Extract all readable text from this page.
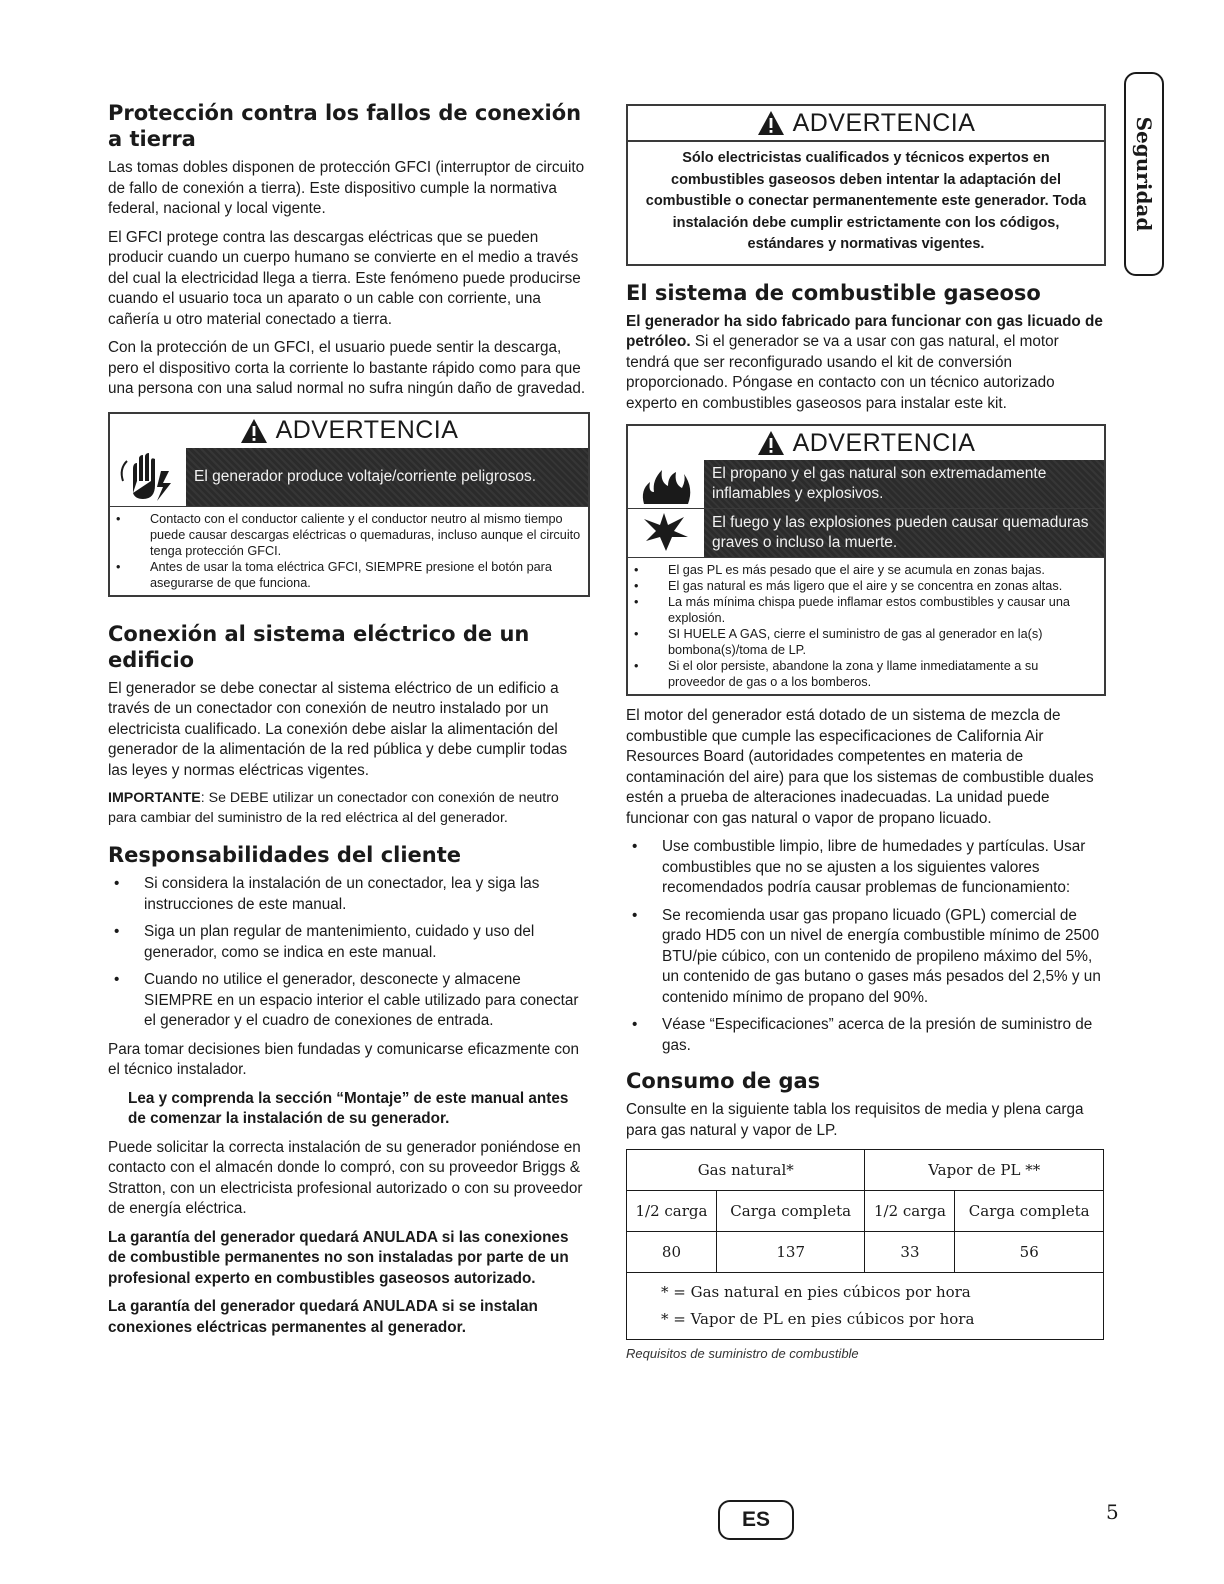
Seguridad
Protección contra los fallos de conexión a tierra

Las tomas dobles disponen de protección GFCI (interruptor de circuito de fallo de conexión a tierra). Este dispositivo cumple la normativa federal, nacional y local vigente.

El GFCI protege contra las descargas eléctricas que se pueden producir cuando un cuerpo humano se convierte en el medio a través del cual la electricidad llega a tierra. Este fenómeno puede producirse cuando el usuario toca un aparato o un cable con corriente, una cañería u otro material conectado a tierra.

Con la protección de un GFCI, el usuario puede sentir la descarga, pero el dispositivo corta la corriente lo bastante rápido como para que una persona con una salud normal no sufra ningún daño de gravedad.

ADVERTENCIA
El generador produce voltaje/corriente peligrosos.
• Contacto con el conductor caliente y el conductor neutro al mismo tiempo puede causar descargas eléctricas o quemaduras, incluso aunque el circuito tenga protección GFCI.
• Antes de usar la toma eléctrica GFCI, SIEMPRE presione el botón para asegurarse de que funciona.
Conexión al sistema eléctrico de un edificio

El generador se debe conectar al sistema eléctrico de un edificio a través de un conectador con conexión de neutro instalado por un electricista cualificado. La conexión debe aislar la alimentación del generador de la alimentación de la red pública y debe cumplir todas las leyes y normas eléctricas vigentes.

IMPORTANTE: Se DEBE utilizar un conectador con conexión de neutro para cambiar del suministro de la red eléctrica al del generador.

Responsabilidades del cliente
• Si considera la instalación de un conectador, lea y siga las instrucciones de este manual.
• Siga un plan regular de mantenimiento, cuidado y uso del generador, como se indica en este manual.
• Cuando no utilice el generador, desconecte y almacene SIEMPRE en un espacio interior el cable utilizado para conectar el generador y el cuadro de conexiones de entrada.

Para tomar decisiones bien fundadas y comunicarse eficazmente con el técnico instalador.

Lea y comprenda la sección “Montaje” de este manual antes de comenzar la instalación de su generador.

Puede solicitar la correcta instalación de su generador poniéndose en contacto con el almacén donde lo compró, con su proveedor Briggs & Stratton, con un electricista profesional autorizado o con su proveedor de energía eléctrica.

La garantía del generador quedará ANULADA si las conexiones de combustible permanentes no son instaladas por parte de un profesional experto en combustibles gaseosos autorizado.

La garantía del generador quedará ANULADA si se instalan conexiones eléctricas permanentes al generador.

ADVERTENCIA
Sólo electricistas cualificados y técnicos expertos en combustibles gaseosos deben intentar la adaptación del combustible o conectar permanentemente este generador. Toda instalación debe cumplir estrictamente con los códigos, estándares y normativas vigentes.
El sistema de combustible gaseoso

El generador ha sido fabricado para funcionar con gas licuado de petróleo. Si el generador se va a usar con gas natural, el motor tendrá que ser reconfigurado usando el kit de conversión proporcionado. Póngase en contacto con un técnico autorizado experto en combustibles gaseosos para instalar este kit.

ADVERTENCIA
El propano y el gas natural son extremadamente inflamables y explosivos.
El fuego y las explosiones pueden causar quemaduras graves o incluso la muerte.
• El gas PL es más pesado que el aire y se acumula en zonas bajas.
• El gas natural es más ligero que el aire y se concentra en zonas altas.
• La más mínima chispa puede inflamar estos combustibles y causar una explosión.
• SI HUELE A GAS, cierre el suministro de gas al generador en la(s) bombona(s)/toma de LP.
• Si el olor persiste, abandone la zona y llame inmediatamente a su proveedor de gas o a los bomberos.

El motor del generador está dotado de un sistema de mezcla de combustible que cumple las especificaciones de California Air Resources Board (autoridades competentes en materia de contaminación del aire) para que los sistemas de combustible duales estén a prueba de alteraciones inadecuadas. La unidad puede funcionar con gas natural o vapor de propano licuado.

• Use combustible limpio, libre de humedades y partículas. Usar combustibles que no se ajusten a los siguientes valores recomendados podría causar problemas de funcionamiento:
• Se recomienda usar gas propano licuado (GPL) comercial de grado HD5 con un nivel de energía combustible mínimo de 2500 BTU/pie cúbico, con un contenido de propileno máximo del 5%, un contenido de gas butano o gases más pesados del 2,5% y un contenido mínimo de propano del 90%.
• Véase “Especificaciones” acerca de la presión de suministro de gas.
Consumo de gas

Consulte en la siguiente tabla los requisitos de media y plena carga para gas natural y vapor de LP.

Gas natural*		Vapor de PL **	
1/2 carga	Carga completa	1/2 carga	Carga completa
80	137	33	56

* = Gas natural en pies cúbicos por hora
* = Vapor de PL en pies cúbicos por hora			
Requisitos de suministro de combustible
ES	5
